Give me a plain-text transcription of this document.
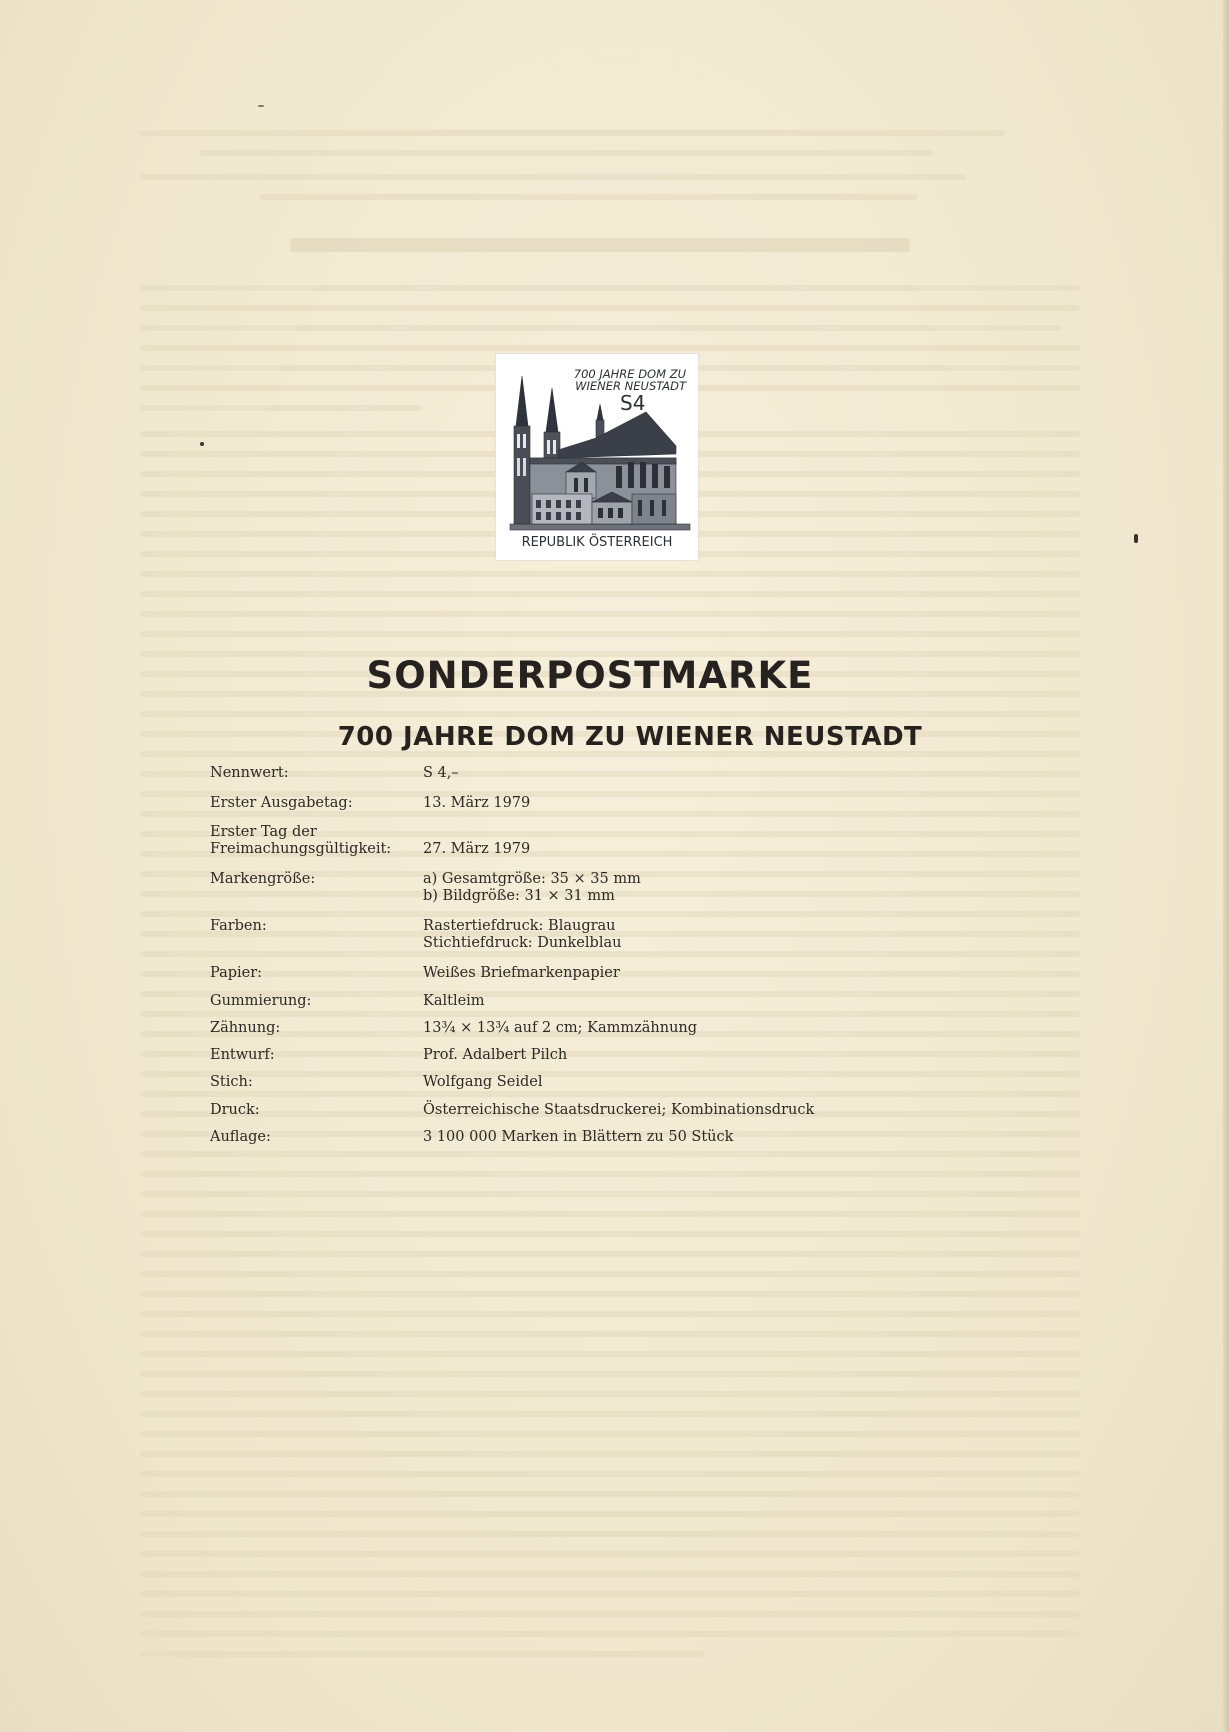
700 JAHRE DOM ZU
WIENER NEUSTADT
S4
REPUBLIK ÖSTERREICH
SONDERPOSTMARKE
700 JAHRE DOM ZU WIENER NEUSTADT
Nennwert:	S 4,–
Erster Ausgabetag:	13. März 1979
Erster Tag der
Freimachungsgültigkeit:	27. März 1979
Markengröße:	a) Gesamtgröße: 35 × 35 mm
b) Bildgröße: 31 × 31 mm
Farben:	Rastertiefdruck: Blaugrau
Stichtiefdruck: Dunkelblau
Papier:	Weißes Briefmarkenpapier
Gummierung:	Kaltleim
Zähnung:	13¾ × 13¾ auf 2 cm; Kammzähnung
Entwurf:	Prof. Adalbert Pilch
Stich:	Wolfgang Seidel
Druck:	Österreichische Staatsdruckerei; Kombinationsdruck
Auflage:	3 100 000 Marken in Blättern zu 50 Stück
